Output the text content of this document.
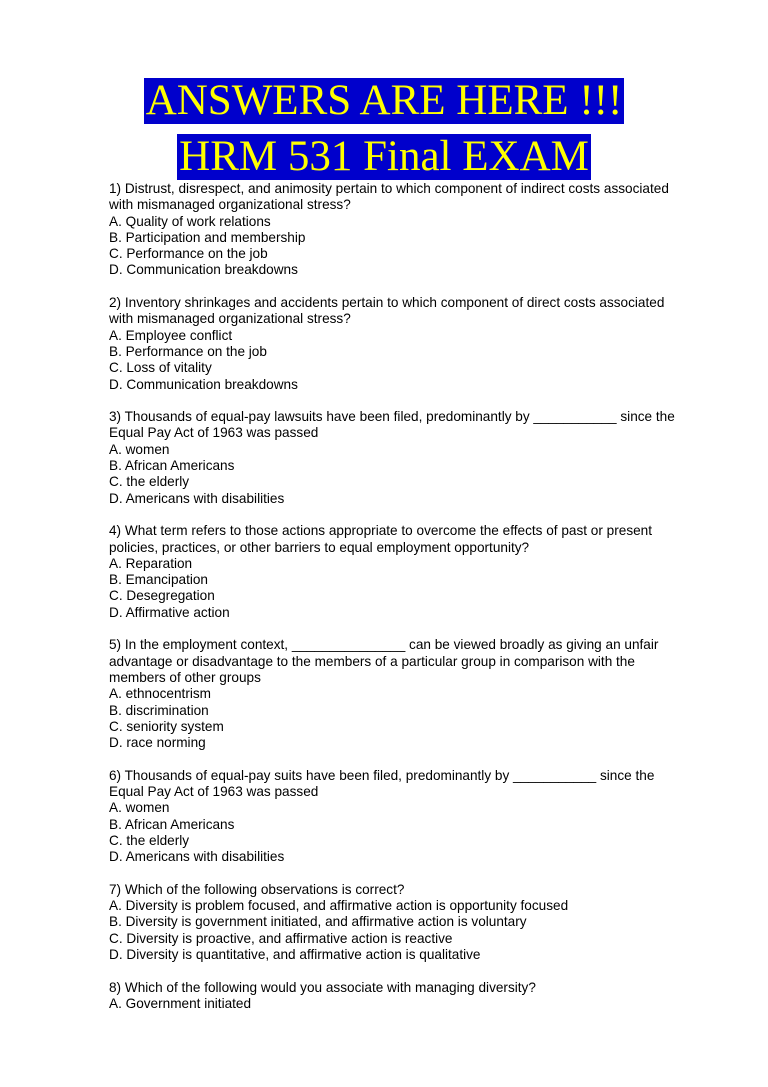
ANSWERS ARE HERE !!!
HRM 531 Final EXAM
1) Distrust, disrespect, and animosity pertain to which component of indirect costs associated
with mismanaged organizational stress?
A. Quality of work relations
B. Participation and membership
C. Performance on the job
D. Communication breakdowns
2) Inventory shrinkages and accidents pertain to which component of direct costs associated
with mismanaged organizational stress?
A. Employee conflict
B. Performance on the job
C. Loss of vitality
D. Communication breakdowns
3) Thousands of equal-pay lawsuits have been filed, predominantly by ___________ since the
Equal Pay Act of 1963 was passed
A. women
B. African Americans
C. the elderly
D. Americans with disabilities
4) What term refers to those actions appropriate to overcome the effects of past or present
policies, practices, or other barriers to equal employment opportunity?
A. Reparation
B. Emancipation
C. Desegregation
D. Affirmative action
5) In the employment context, _______________ can be viewed broadly as giving an unfair
advantage or disadvantage to the members of a particular group in comparison with the
members of other groups
A. ethnocentrism
B. discrimination
C. seniority system
D. race norming
6) Thousands of equal-pay suits have been filed, predominantly by ___________ since the
Equal Pay Act of 1963 was passed
A. women
B. African Americans
C. the elderly
D. Americans with disabilities
7) Which of the following observations is correct?
A. Diversity is problem focused, and affirmative action is opportunity focused
B. Diversity is government initiated, and affirmative action is voluntary
C. Diversity is proactive, and affirmative action is reactive
D. Diversity is quantitative, and affirmative action is qualitative
8) Which of the following would you associate with managing diversity?
A. Government initiated
